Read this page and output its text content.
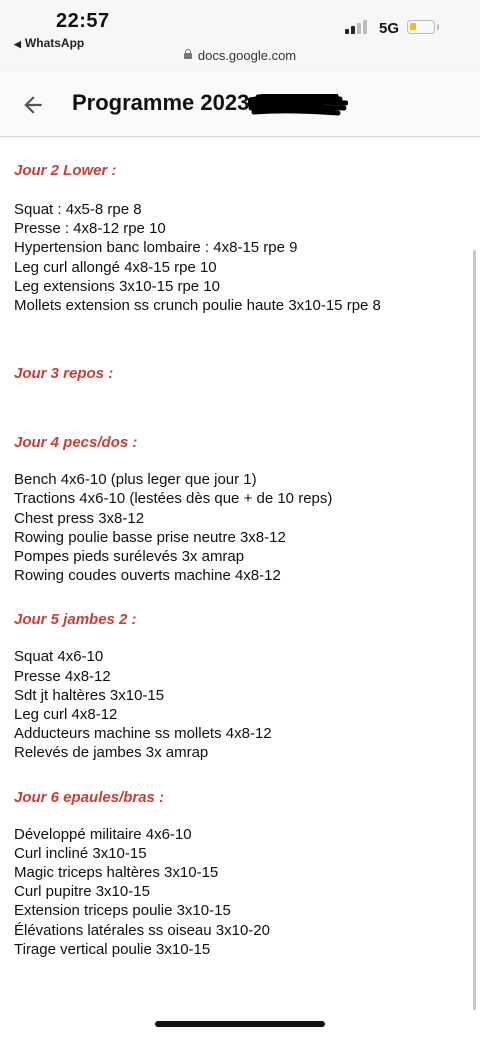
22:57
◀ WhatsApp
5G
docs.google.com
Programme 2023

Jour 2 Lower :

Squat : 4x5-8 rpe 8

Presse : 4x8-12 rpe 10

Hypertension banc lombaire : 4x8-15 rpe 9

Leg curl allongé 4x8-15 rpe 10

Leg extensions 3x10-15 rpe 10

Mollets extension ss crunch poulie haute 3x10-15 rpe 8

Jour 3 repos :

Jour 4 pecs/dos :

Bench 4x6-10 (plus leger que jour 1)

Tractions 4x6-10 (lestées dès que + de 10 reps)

Chest press 3x8-12

Rowing poulie basse prise neutre 3x8-12

Pompes pieds surélevés 3x amrap

Rowing coudes ouverts machine 4x8-12

Jour 5 jambes 2 :

Squat 4x6-10

Presse 4x8-12

Sdt jt haltères 3x10-15

Leg curl 4x8-12

Adducteurs machine ss mollets 4x8-12

Relevés de jambes 3x amrap

Jour 6 epaules/bras :

Développé militaire 4x6-10

Curl incliné 3x10-15

Magic triceps haltères 3x10-15

Curl pupitre 3x10-15

Extension triceps poulie 3x10-15

Élévations latérales ss oiseau 3x10-20

Tirage vertical poulie 3x10-15
